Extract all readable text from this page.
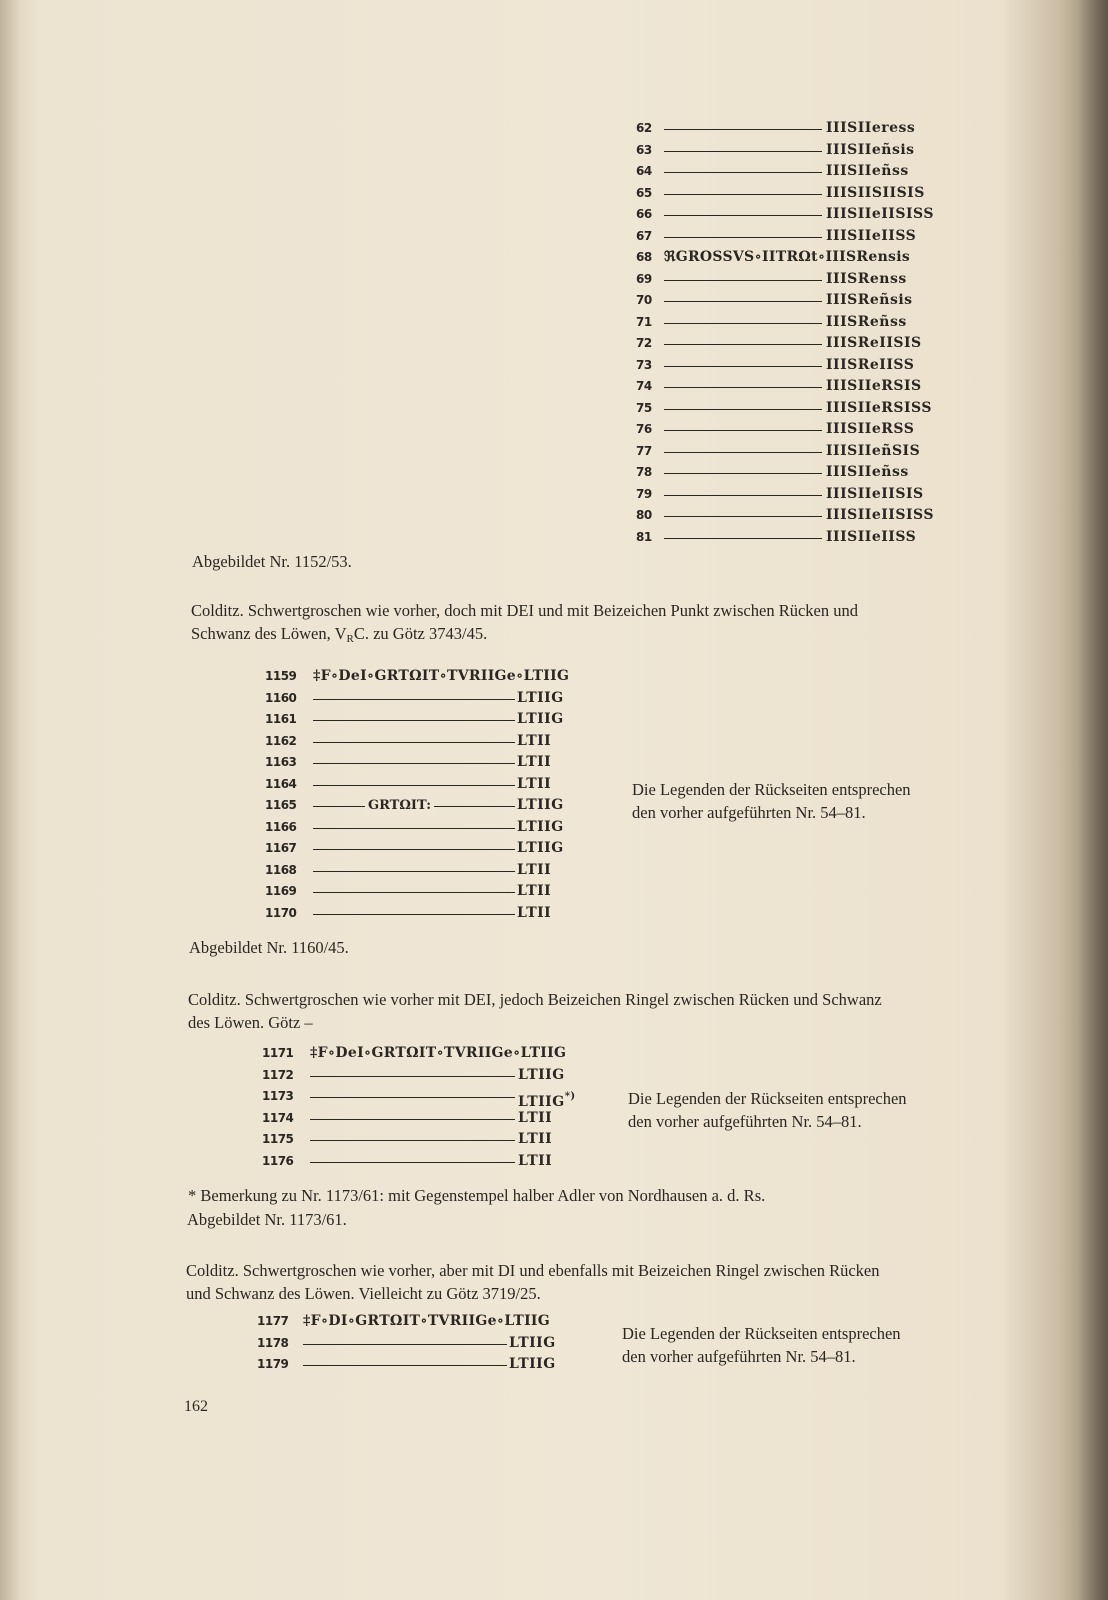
62	IIISIIeress
63	IIISIIeñsis
64	IIISIIeñss
65	IIISIISIISIS
66	IIISIIeIISISS
67	IIISIIeIISS
68 ℜGROSSVS∘IITRΩt∘IIISRensis
69	IIISRenss
70	IIISReñsis
71	IIISReñss
72	IIISReIISIS
73	IIISReIISS
74	IIISIIeRSIS
75	IIISIIeRSISS
76	IIISIIeRSS
77	IIISIIeñSIS
78	IIISIIeñss
79	IIISIIeIISIS
80	IIISIIeIISISS
81	IIISIIeIISS
Abgebildet Nr. 1152/53.
Colditz. Schwertgroschen wie vorher, doch mit DEI und mit Beizeichen Punkt zwischen Rücken und
Schwanz des Löwen, $V_RC$. zu Götz 3743/45.
1159 ‡F∘DeI∘GRTΩIT∘TVRIIGe∘LTIIG
1160	LTIIG
1161	LTIIG
1162	LTII
1163	LTII
1164	LTII
1165	GRTΩIT:	LTIIG
1166	LTIIG
1167	LTIIG
1168	LTII
1169	LTII
1170	LTII
Die Legenden der Rückseiten entsprechen
den vorher aufgeführten Nr. 54–81.
Abgebildet Nr. 1160/45.
Colditz. Schwertgroschen wie vorher mit DEI, jedoch Beizeichen Ringel zwischen Rücken und Schwanz
des Löwen. Götz –
1171 ‡F∘DeI∘GRTΩIT∘TVRIIGe∘LTIIG
1172	LTIIG
1173	LTIIG*)
1174	LTII
1175	LTII
1176	LTII
Die Legenden der Rückseiten entsprechen
den vorher aufgeführten Nr. 54–81.
* Bemerkung zu Nr. 1173/61: mit Gegenstempel halber Adler von Nordhausen a. d. Rs.
Abgebildet Nr. 1173/61.
Colditz. Schwertgroschen wie vorher, aber mit DI und ebenfalls mit Beizeichen Ringel zwischen Rücken
und Schwanz des Löwen. Vielleicht zu Götz 3719/25.
1177 ‡F∘DI∘GRTΩIT∘TVRIIGe∘LTIIG
1178	LTIIG
1179	LTIIG
Die Legenden der Rückseiten entsprechen
den vorher aufgeführten Nr. 54–81.
162
